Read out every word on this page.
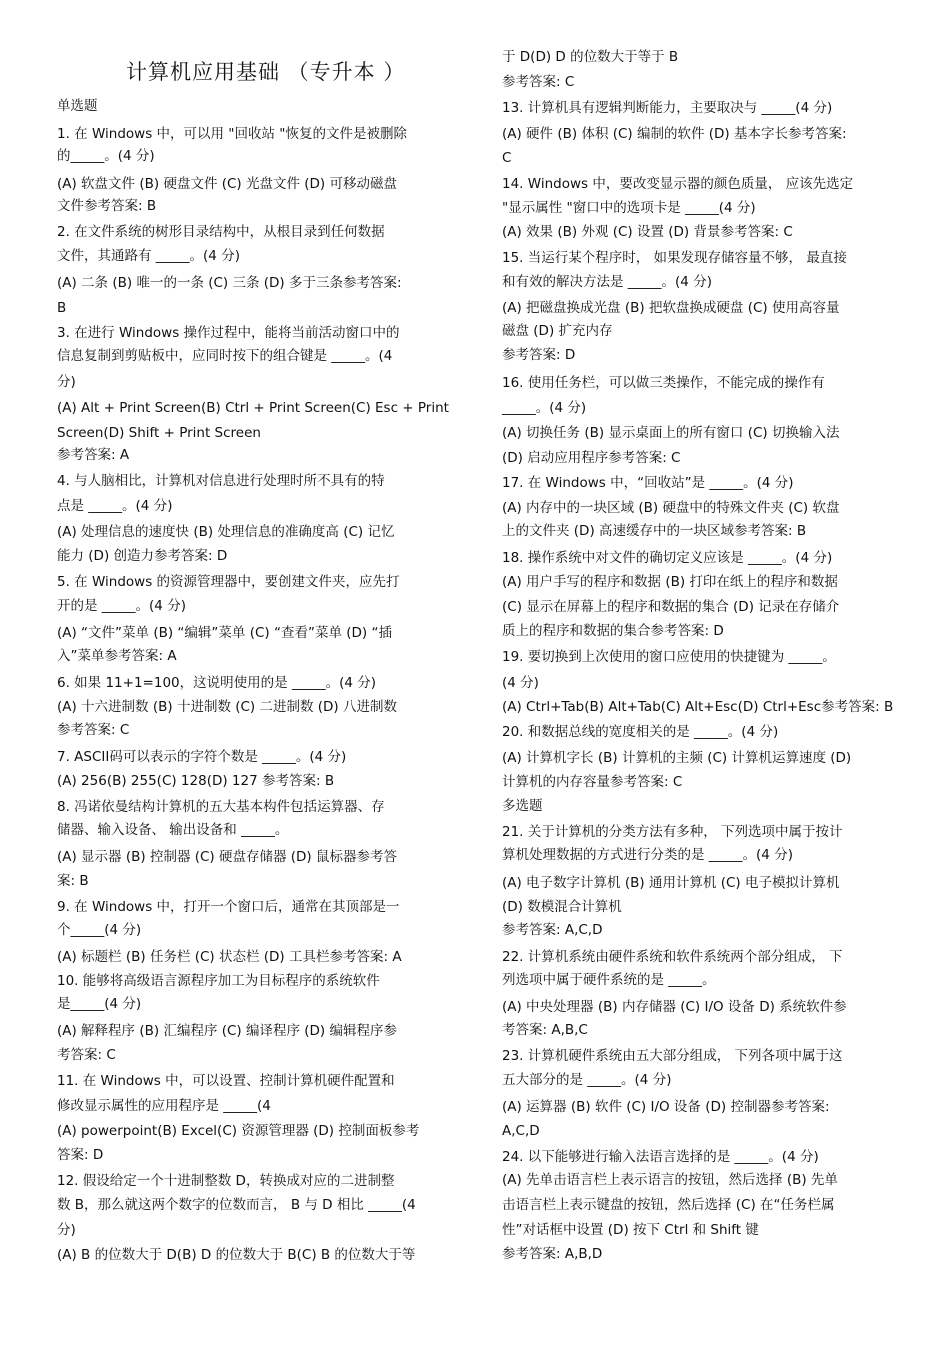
计算机应用基础 （专升本 ）
单选题
1. 在 Windows 中，可以用 "回收站 "恢复的文件是被删除
的_____。(4 分)
(A) 软盘文件 (B) 硬盘文件 (C) 光盘文件 (D) 可移动磁盘
文件参考答案: B
2. 在文件系统的树形目录结构中，从根目录到任何数据
文件，其通路有 _____。(4 分)
(A) 二条 (B) 唯一的一条 (C) 三条 (D) 多于三条参考答案:
B
3. 在进行 Windows 操作过程中，能将当前活动窗口中的
信息复制到剪贴板中，应同时按下的组合键是 _____。(4
分)
(A) Alt + Print Screen(B) Ctrl + Print Screen(C) Esc + Print
Screen(D) Shift + Print Screen
参考答案: A
4. 与人脑相比，计算机对信息进行处理时所不具有的特
点是 _____。(4 分)
(A) 处理信息的速度快 (B) 处理信息的准确度高 (C) 记忆
能力 (D) 创造力参考答案: D
5. 在 Windows 的资源管理器中，要创建文件夹，应先打
开的是 _____。(4 分)
(A) “文件”菜单 (B) “编辑”菜单 (C) “查看”菜单 (D) “插
入”菜单参考答案: A
6. 如果 11+1=100，这说明使用的是 _____。(4 分)
(A) 十六进制数 (B) 十进制数 (C) 二进制数 (D) 八进制数
参考答案: C
7. ASCII码可以表示的字符个数是 _____。(4 分)
(A) 256(B) 255(C) 128(D) 127 参考答案: B
8. 冯诺依曼结构计算机的五大基本构件包括运算器、存
储器、输入设备、 输出设备和 _____。
(A) 显示器 (B) 控制器 (C) 硬盘存储器 (D) 鼠标器参考答
案: B
9. 在 Windows 中，打开一个窗口后，通常在其顶部是一
个_____(4 分)
(A) 标题栏 (B) 任务栏 (C) 状态栏 (D) 工具栏参考答案: A
10. 能够将高级语言源程序加工为目标程序的系统软件
是_____(4 分)
(A) 解释程序 (B) 汇编程序 (C) 编译程序 (D) 编辑程序参
考答案: C
11. 在 Windows 中，可以设置、控制计算机硬件配置和
修改显示属性的应用程序是 _____(4
(A) powerpoint(B) Excel(C) 资源管理器 (D) 控制面板参考
答案: D
12. 假设给定一个十进制整数 D，转换成对应的二进制整
数 B，那么就这两个数字的位数而言， B 与 D 相比 _____(4
分)
(A) B 的位数大于 D(B) D 的位数大于 B(C) B 的位数大于等
于 D(D) D 的位数大于等于 B
参考答案: C
13. 计算机具有逻辑判断能力，主要取决与 _____(4 分)
(A) 硬件 (B) 体积 (C) 编制的软件 (D) 基本字长参考答案:
C
14. Windows 中，要改变显示器的颜色质量， 应该先选定
"显示属性 "窗口中的选项卡是 _____(4 分)
(A) 效果 (B) 外观 (C) 设置 (D) 背景参考答案: C
15. 当运行某个程序时， 如果发现存储容量不够， 最直接
和有效的解决方法是 _____。(4 分)
(A) 把磁盘换成光盘 (B) 把软盘换成硬盘 (C) 使用高容量
磁盘 (D) 扩充内存
参考答案: D
16. 使用任务栏，可以做三类操作，不能完成的操作有
_____。(4 分)
(A) 切换任务 (B) 显示桌面上的所有窗口 (C) 切换输入法
(D) 启动应用程序参考答案: C
17. 在 Windows 中，“回收站”是 _____。(4 分)
(A) 内存中的一块区域 (B) 硬盘中的特殊文件夹 (C) 软盘
上的文件夹 (D) 高速缓存中的一块区域参考答案: B
18. 操作系统中对文件的确切定义应该是 _____。(4 分)
(A) 用户手写的程序和数据 (B) 打印在纸上的程序和数据
(C) 显示在屏幕上的程序和数据的集合 (D) 记录在存储介
质上的程序和数据的集合参考答案: D
19. 要切换到上次使用的窗口应使用的快捷键为 _____。
(4 分)
(A) Ctrl+Tab(B) Alt+Tab(C) Alt+Esc(D) Ctrl+Esc参考答案: B
20. 和数据总线的宽度相关的是 _____。(4 分)
(A) 计算机字长 (B) 计算机的主频 (C) 计算机运算速度 (D)
计算机的内存容量参考答案: C
多选题
21. 关于计算机的分类方法有多种， 下列选项中属于按计
算机处理数据的方式进行分类的是 _____。(4 分)
(A) 电子数字计算机 (B) 通用计算机 (C) 电子模拟计算机
(D) 数模混合计算机
参考答案: A,C,D
22. 计算机系统由硬件系统和软件系统两个部分组成， 下
列选项中属于硬件系统的是 _____。
(A) 中央处理器 (B) 内存储器 (C) I/O 设备 D) 系统软件参
考答案: A,B,C
23. 计算机硬件系统由五大部分组成， 下列各项中属于这
五大部分的是 _____。(4 分)
(A) 运算器 (B) 软件 (C) I/O 设备 (D) 控制器参考答案:
A,C,D
24. 以下能够进行输入法语言选择的是 _____。(4 分)
(A) 先单击语言栏上表示语言的按钮，然后选择 (B) 先单
击语言栏上表示键盘的按钮，然后选择 (C) 在“任务栏属
性”对话框中设置 (D) 按下 Ctrl 和 Shift 键
参考答案: A,B,D
